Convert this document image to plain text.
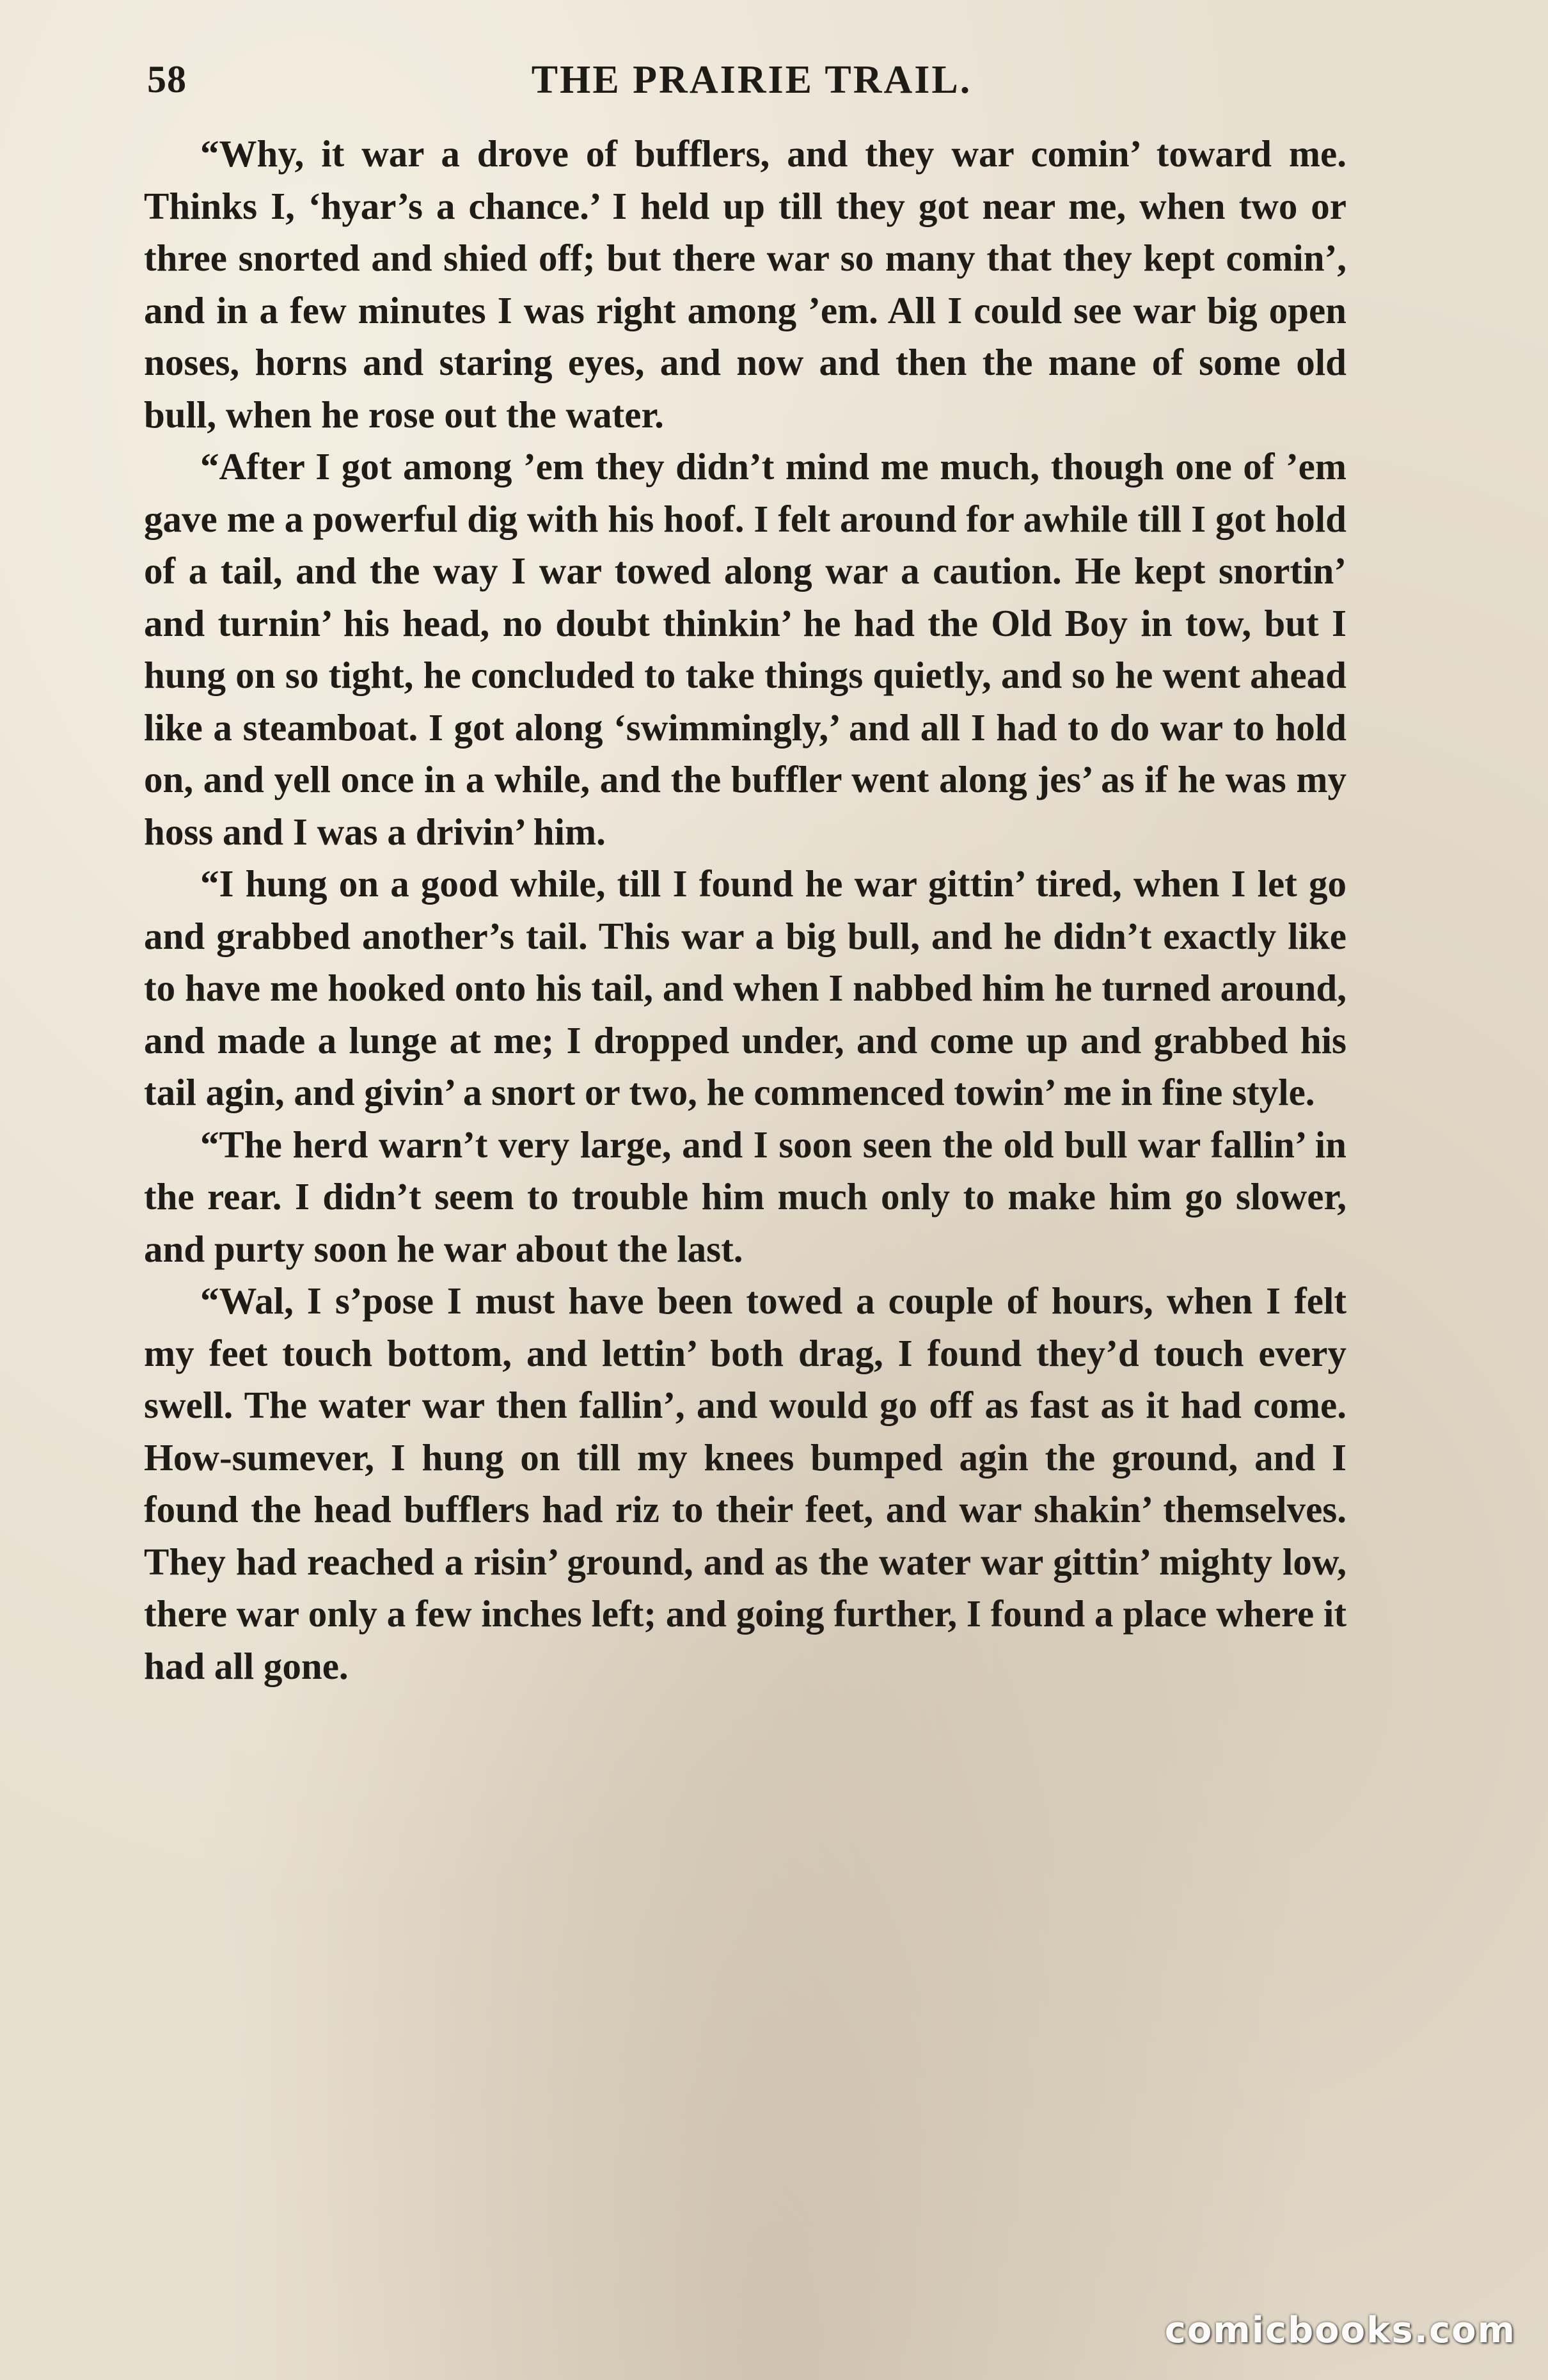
58	THE PRAIRIE TRAIL.

“Why, it war a drove of bufflers, and they war comin’ toward me. Thinks I, ‘hyar’s a chance.’ I held up till they got near me, when two or three snorted and shied off; but there war so many that they kept comin’, and in a few minutes I was right among ’em. All I could see war big open noses, horns and staring eyes, and now and then the mane of some old bull, when he rose out the water.

“After I got among ’em they didn’t mind me much, though one of ’em gave me a powerful dig with his hoof. I felt around for awhile till I got hold of a tail, and the way I war towed along war a caution. He kept snortin’ and turnin’ his head, no doubt thinkin’ he had the Old Boy in tow, but I hung on so tight, he concluded to take things quietly, and so he went ahead like a steamboat. I got along ‘swimmingly,’ and all I had to do war to hold on, and yell once in a while, and the buffler went along jes’ as if he was my hoss and I was a drivin’ him.

“I hung on a good while, till I found he war gittin’ tired, when I let go and grabbed another’s tail. This war a big bull, and he didn’t exactly like to have me hooked onto his tail, and when I nabbed him he turned around, and made a lunge at me; I dropped under, and come up and grabbed his tail agin, and givin’ a snort or two, he commenced towin’ me in fine style.

“The herd warn’t very large, and I soon seen the old bull war fallin’ in the rear. I didn’t seem to trouble him much only to make him go slower, and purty soon he war about the last.

“Wal, I s’pose I must have been towed a couple of hours, when I felt my feet touch bottom, and lettin’ both drag, I found they’d touch every swell. The water war then fallin’, and would go off as fast as it had come. How-sumever, I hung on till my knees bumped agin the ground, and I found the head bufflers had riz to their feet, and war shakin’ themselves. They had reached a risin’ ground, and as the water war gittin’ mighty low, there war only a few inches left; and going further, I found a place where it had all gone.

comicbooks.com
